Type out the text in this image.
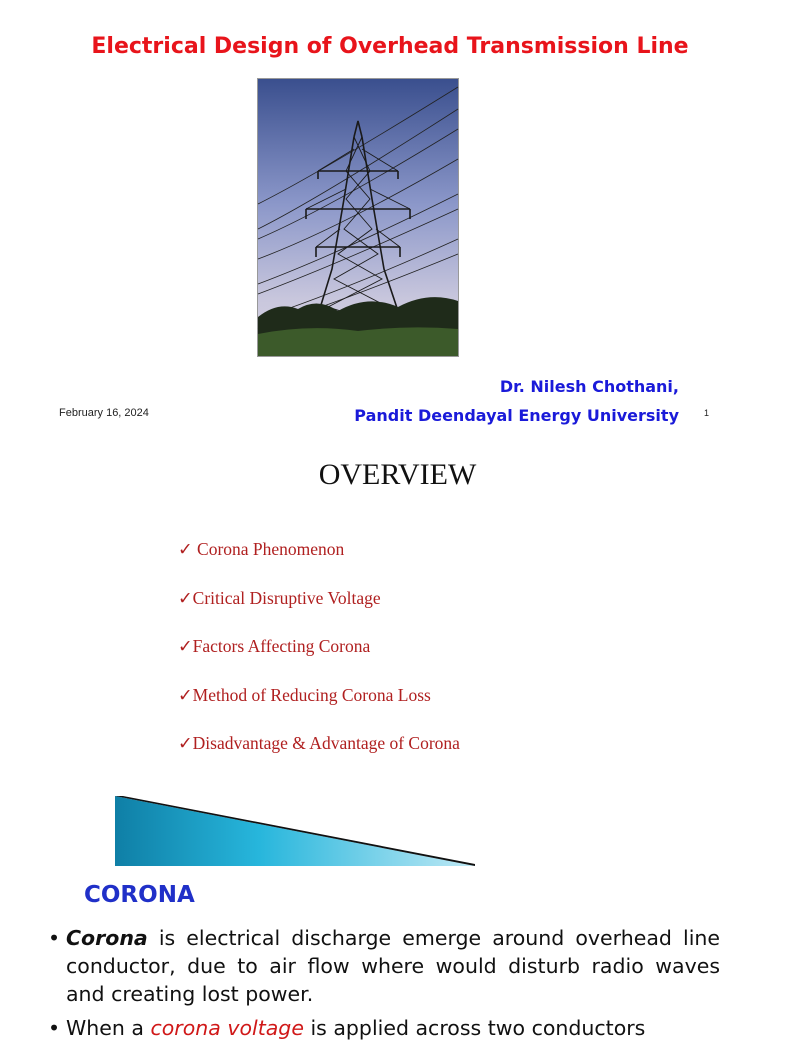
Electrical Design of Overhead Transmission Line
Dr. Nilesh Chothani,
Pandit Deendayal Energy University
February 16, 2024	1
OVERVIEW
✓ Corona Phenomenon
✓Critical Disruptive Voltage
✓Factors Affecting Corona
✓Method of Reducing Corona Loss
✓Disadvantage & Advantage of Corona
CORONA
• Corona is electrical discharge emerge around overhead line conductor, due to air flow where would disturb radio waves and creating lost power.
• When a corona voltage is applied across two conductors
